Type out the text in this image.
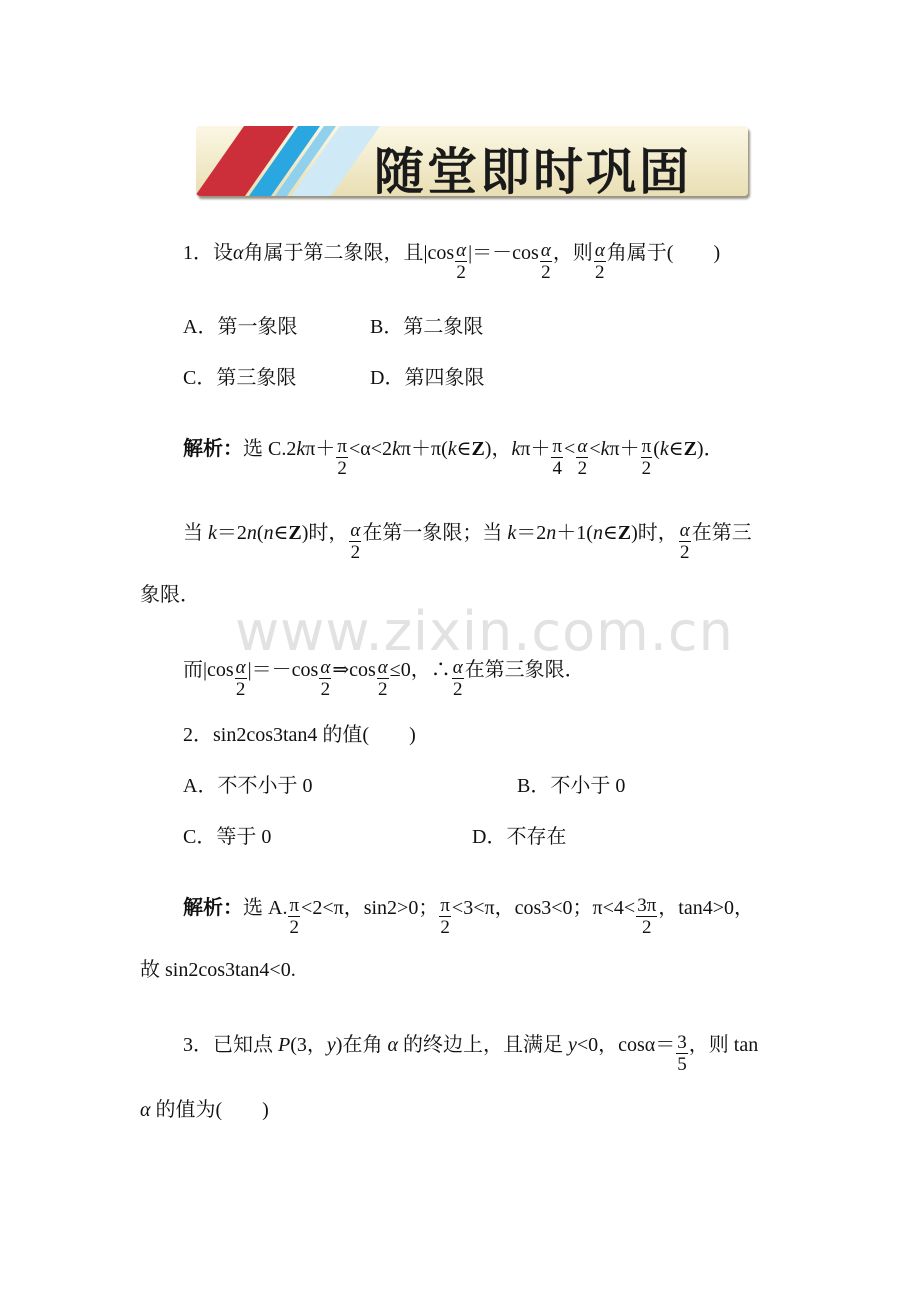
随堂即时巩固
1．设α角属于第二象限，且$|\cos \frac{\alpha}{2} |=-\cos \frac{\alpha}{2}$ ，则 $\frac{\alpha}{2}$ 角属于(　　)
A．第一象限	B．第二象限
C．第三象限	D．第四象限
解析：选 $C.2k\pi+ \frac{\pi}{2}$ <α<2kπ＋π(k∈Z)，$k\pi+ \frac{\pi}{4} < \frac{\alpha}{2} <k\pi+ \frac{\pi}{2}$ (k∈Z)．
当 k＝2n(n∈Z)时， $\frac{\alpha}{2}$ 在第一象限；当 k＝2n＋1(n∈Z)时， $\frac{\alpha}{2}$ 在第三
象限．
www.zixin.com.cn
而$|\cos \frac{\alpha}{2} |=-\cos \frac{\alpha}{2}$ ⇒cos $\frac{\alpha}{2} \le 0$，∴ $\frac{\alpha}{2}$ 在第三象限．
2．sin2cos3tan4 的值(　　)
A．不不小于 0	B．不小于 0
C．等于 0	D．不存在
解析：选 A. $\frac{\pi}{2} <2<\pi$，sin2>0； $\frac{\pi}{2} <3<\pi$，cos3<0；$\pi<4< \frac{3\pi}{2}$ ，tan4>0，
故 sin2cos3tan4<0.
3．已知点 P(3，y)在角 α 的终边上，且满足 y<0，$\cos\alpha= \frac{3}{5}$ ，则 tan
α 的值为(　　)
